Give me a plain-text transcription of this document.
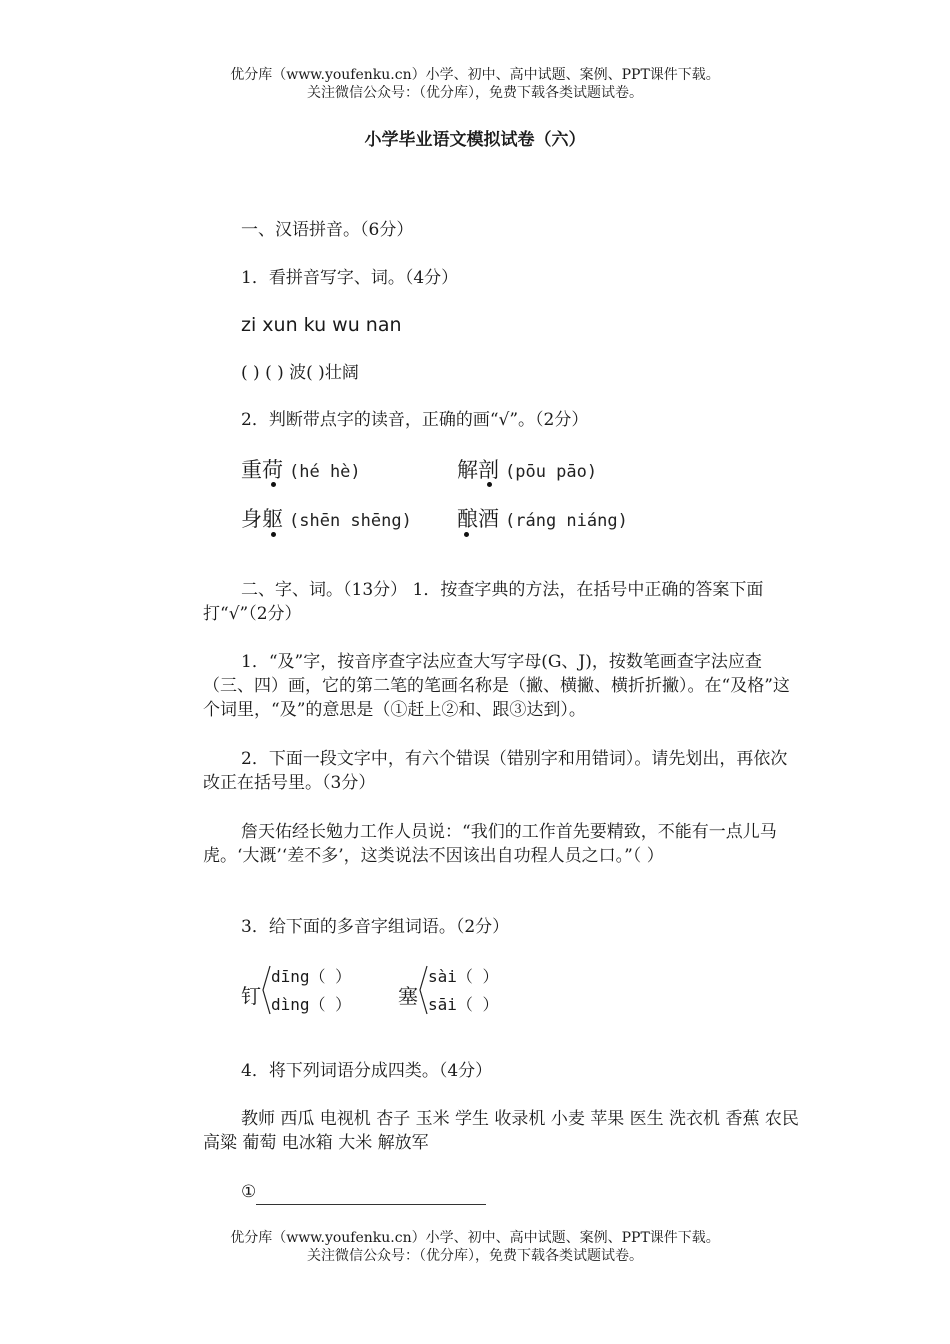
优分库（www.youfenku.cn）小学、初中、高中试题、案例、PPT课件下载。
关注微信公众号：（优分库），免费下载各类试题试卷。
小学毕业语文模拟试卷（六）
一、汉语拼音。（6分）
1．看拼音写字、词。（4分）
zi xun ku wu nan
( ) ( ) 波( )壮阔
2．判断带点字的读音，正确的画“√”。（2分）
重荷 (hé hè)	解剖 (pōu pāo)
身躯 (shēn shēng) 酿酒 (ráng niáng)
二、字、词。（13分） 1．按查字典的方法，在括号中正确的答案下面打“√”（2分）
1．“及”字，按音序查字法应查大写字母(G、J)，按数笔画查字法应查（三、四）画，它的第二笔的笔画名称是（撇、横撇、横折折撇）。在“及格”这个词里，“及”的意思是（①赶上②和、跟③达到）。
2．下面一段文字中，有六个错误（错别字和用错词）。请先划出，再依次改正在括号里。（3分）
詹天佑经长勉力工作人员说：“我们的工作首先要精致，不能有一点儿马虎。‘大溉’‘差不多’，这类说法不因该出自功程人员之口。”（ ）
3．给下面的多音字组词语。（2分）
钉
dīng（ ）
dìng（ ） 塞
sài（ ）
sāi（ ）
4．将下列词语分成四类。（4分）
教师 西瓜 电视机 杏子 玉米 学生 收录机 小麦 苹果 医生 洗衣机 香蕉 农民 高粱 葡萄 电冰箱 大米 解放军
①
优分库（www.youfenku.cn）小学、初中、高中试题、案例、PPT课件下载。
关注微信公众号：（优分库），免费下载各类试题试卷。
